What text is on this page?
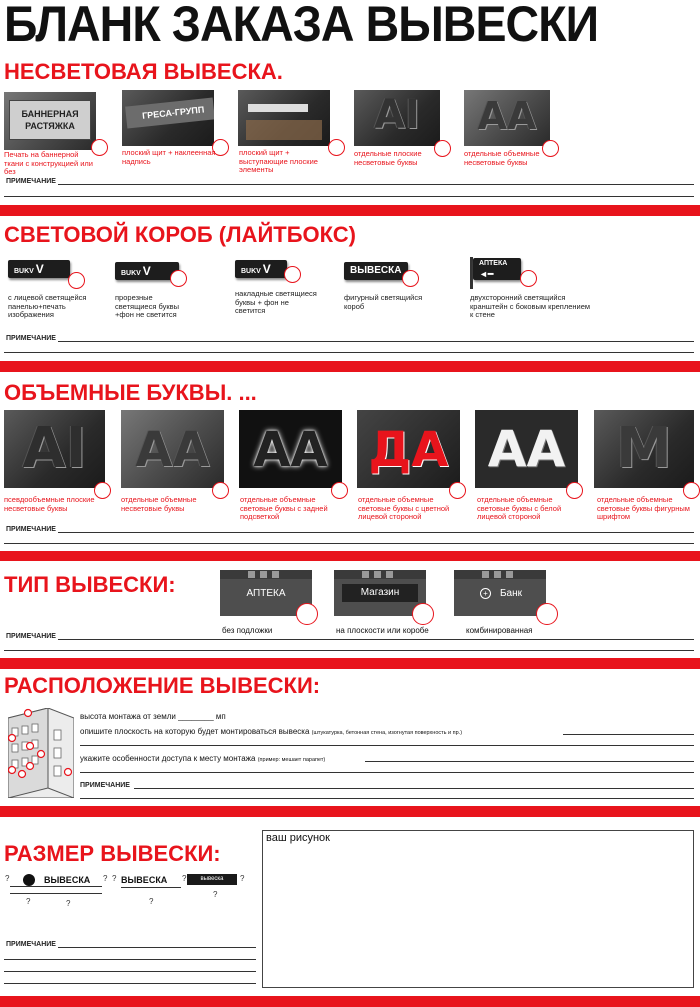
БЛАНК ЗАКАЗА ВЫВЕСКИ
НЕСВЕТОВАЯ ВЫВЕСКА.
БАННЕРНАЯ РАСТЯЖКА
Печать на баннерной ткани с конструкцией или без
ГРЕСА-ГРУПП
плоский щит + наклеенная надпись
плоский щит + выступающие плоские элементы
AI
отдельные плоские несветовые буквы
AA
отдельные объемные несветовые буквы
ПРИМЕЧАНИЕ
СВЕТОВОЙ КОРОБ (ЛАЙТБОКС)
BUKV V
с лицевой светящейся панелью+печать изображения
BUKV V
прорезные светящиеся буквы +фон не светится
BUKV V
накладные светящиеся буквы + фон не светится
ВЫВЕСКА
фигурный светящийся короб
АПТЕКА
◄━
двухсторонний светящийся кранштейн с боковым креплением к стене
ПРИМЕЧАНИЕ
ОБЪЕМНЫЕ БУКВЫ. ...
AI
псевдообъемные плоские несветовые буквы
AA
отдельные объемные несветовые буквы
AA
отдельные объемные световые буквы с задней подсветкой
ДА
отдельные объемные световые буквы с цветной лицевой стороной
AA
отдельные объемные световые буквы с белой лицевой стороной
M
отдельные объемные световые буквы фигурным шрифтом
ПРИМЕЧАНИЕ
ТИП ВЫВЕСКИ:	АПТЕКА
без подложки
Магазин
на плоскости или коробе
+	Банк
комбинированная
ПРИМЕЧАНИЕ
РАСПОЛОЖЕНИЕ ВЫВЕСКИ:
высота монтажа от земли ________ мп
опишите плоскость на которую будет монтироваться вывеска (штукатурка, бетонная стена, изогнутая поверхность и пр.)
укажите особенности доступа к месту монтажа (пример: мешает парапет)
ПРИМЕЧАНИЕ
РАЗМЕР ВЫВЕСКИ:
?	ВЫВЕСКА ? ?
?	?
ВЫВЕСКА ?
?
вывеска	?
?
ПРИМЕЧАНИЕ
ваш рисунок
